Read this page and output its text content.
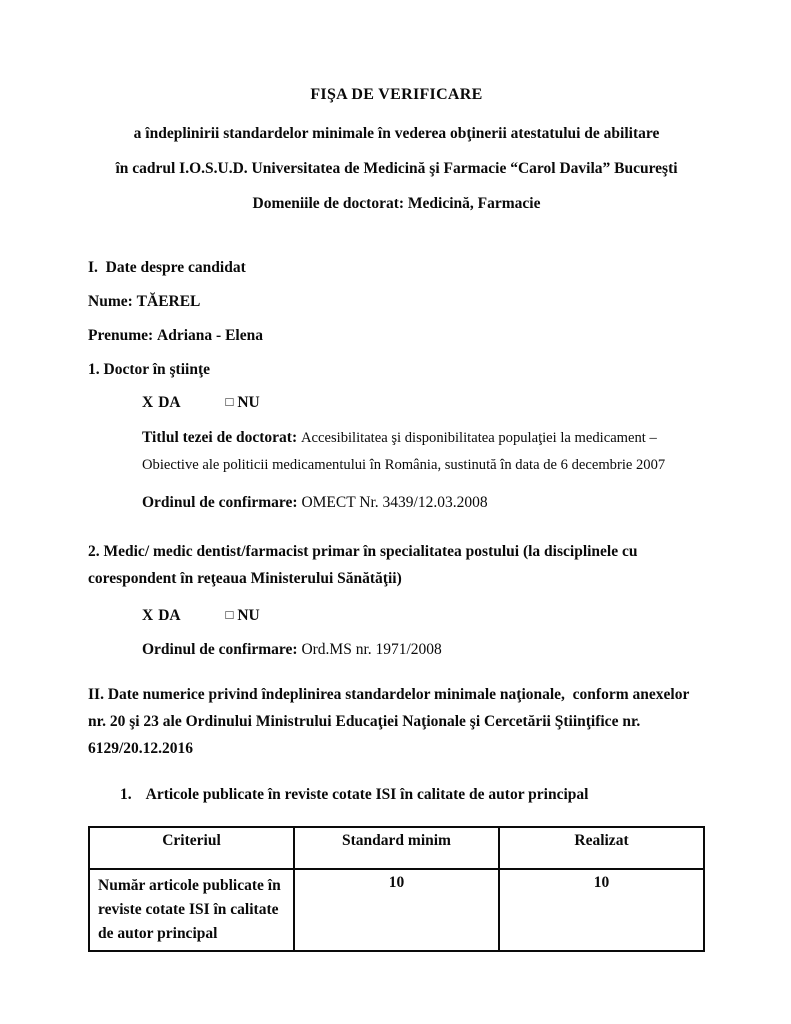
FIŞA DE VERIFICARE

a îndeplinirii standardelor minimale în vederea obţinerii atestatului de abilitare

în cadrul I.O.S.U.D. Universitatea de Medicină şi Farmacie “Carol Davila” Bucureşti

Domeniile de doctorat: Medicină, Farmacie

I.  Date despre candidat

Nume: TĂEREL

Prenume: Adriana - Elena

1. Doctor în ştiinţe

X DA	□ NU

Titlul tezei de doctorat: Accesibilitatea şi disponibilitatea populaţiei la medicament – Obiective ale politicii medicamentului în România, sustinută în data de 6 decembrie 2007

Ordinul de confirmare: OMECT Nr. 3439/12.03.2008

2. Medic/ medic dentist/farmacist primar în specialitatea postului (la disciplinele cu corespondent în reţeaua Ministerului Sănătăţii)

X DA	□ NU

Ordinul de confirmare: Ord.MS nr. 1971/2008

II. Date numerice privind îndeplinirea standardelor minimale naţionale,  conform anexelor nr. 20 şi 23 ale Ordinului Ministrului Educaţiei Naţionale şi Cercetării Ştiinţifice nr. 6129/20.12.2016

1. Articole publicate în reviste cotate ISI în calitate de autor principal

Criteriul	Standard minim	Realizat
Număr articole publicate în reviste cotate ISI în calitate de autor principal	10	10
